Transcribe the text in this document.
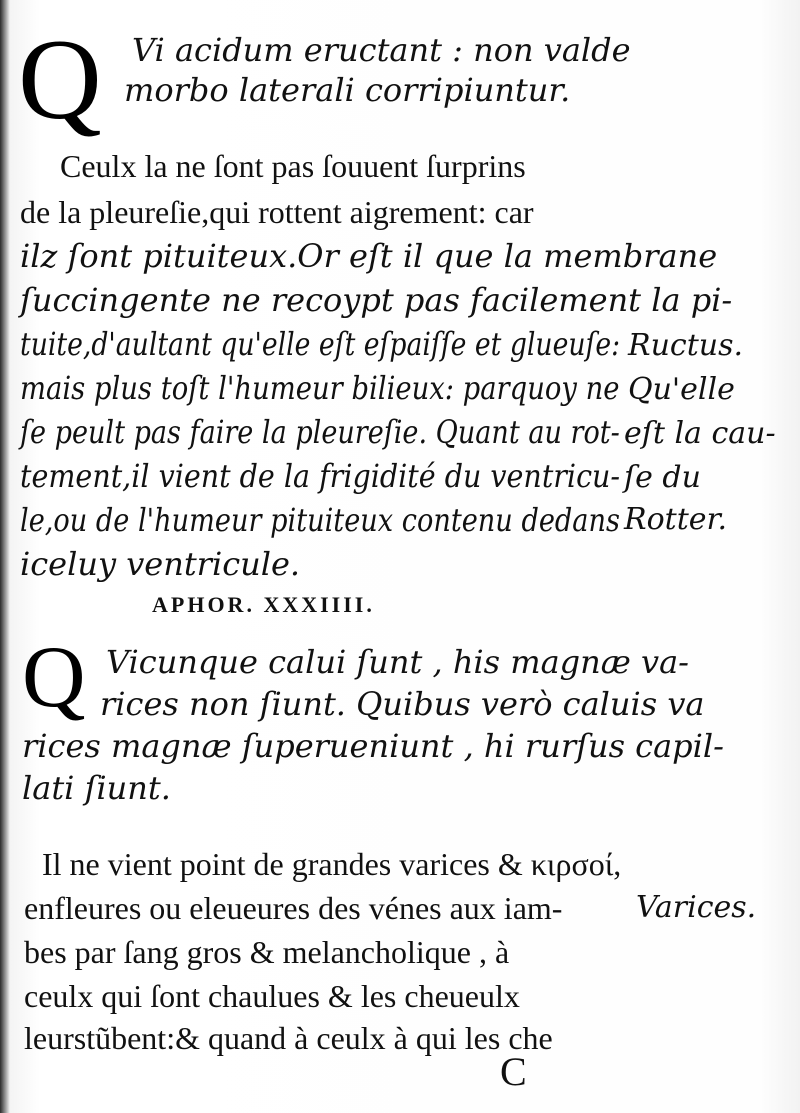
Q Vi acidum eructant : non valde
morbo laterali corripiuntur.
Ceulx la ne ſont pas ſouuent ſurprins
de la pleureſie,qui rottent aigrement: car
ilz ſont pituiteux.Or eſt il que la membrane
ſuccingente ne recoypt pas facilement la pi-
tuite,d'aultant qu'elle eſt eſpaiſſe et glueuſe:
mais plus toſt l'humeur bilieux: parquoy ne
ſe peult pas faire la pleureſie. Quant au rot-
tement,il vient de la frigidité du ventricu-
le,ou de l'humeur pituiteux contenu dedans
iceluy ventricule.
Ructus.
Qu'elle
eſt la cau-
ſe du
Rotter.
APHOR. XXXIIII.
Q Vicunque calui ſunt , his magnæ va-
rices non ſiunt. Quibus verò caluis va
rices magnæ ſuperueniunt , hi rurſus capil-
lati ſiunt.
Il ne vient point de grandes varices & κιρσοί,
enfleures ou eleueures des vénes aux iam-
bes par ſang gros & melancholique , à
ceulx qui ſont chaulues & les cheueulx
leurstũbent:& quand à ceulx à qui les che
Varices.
C
